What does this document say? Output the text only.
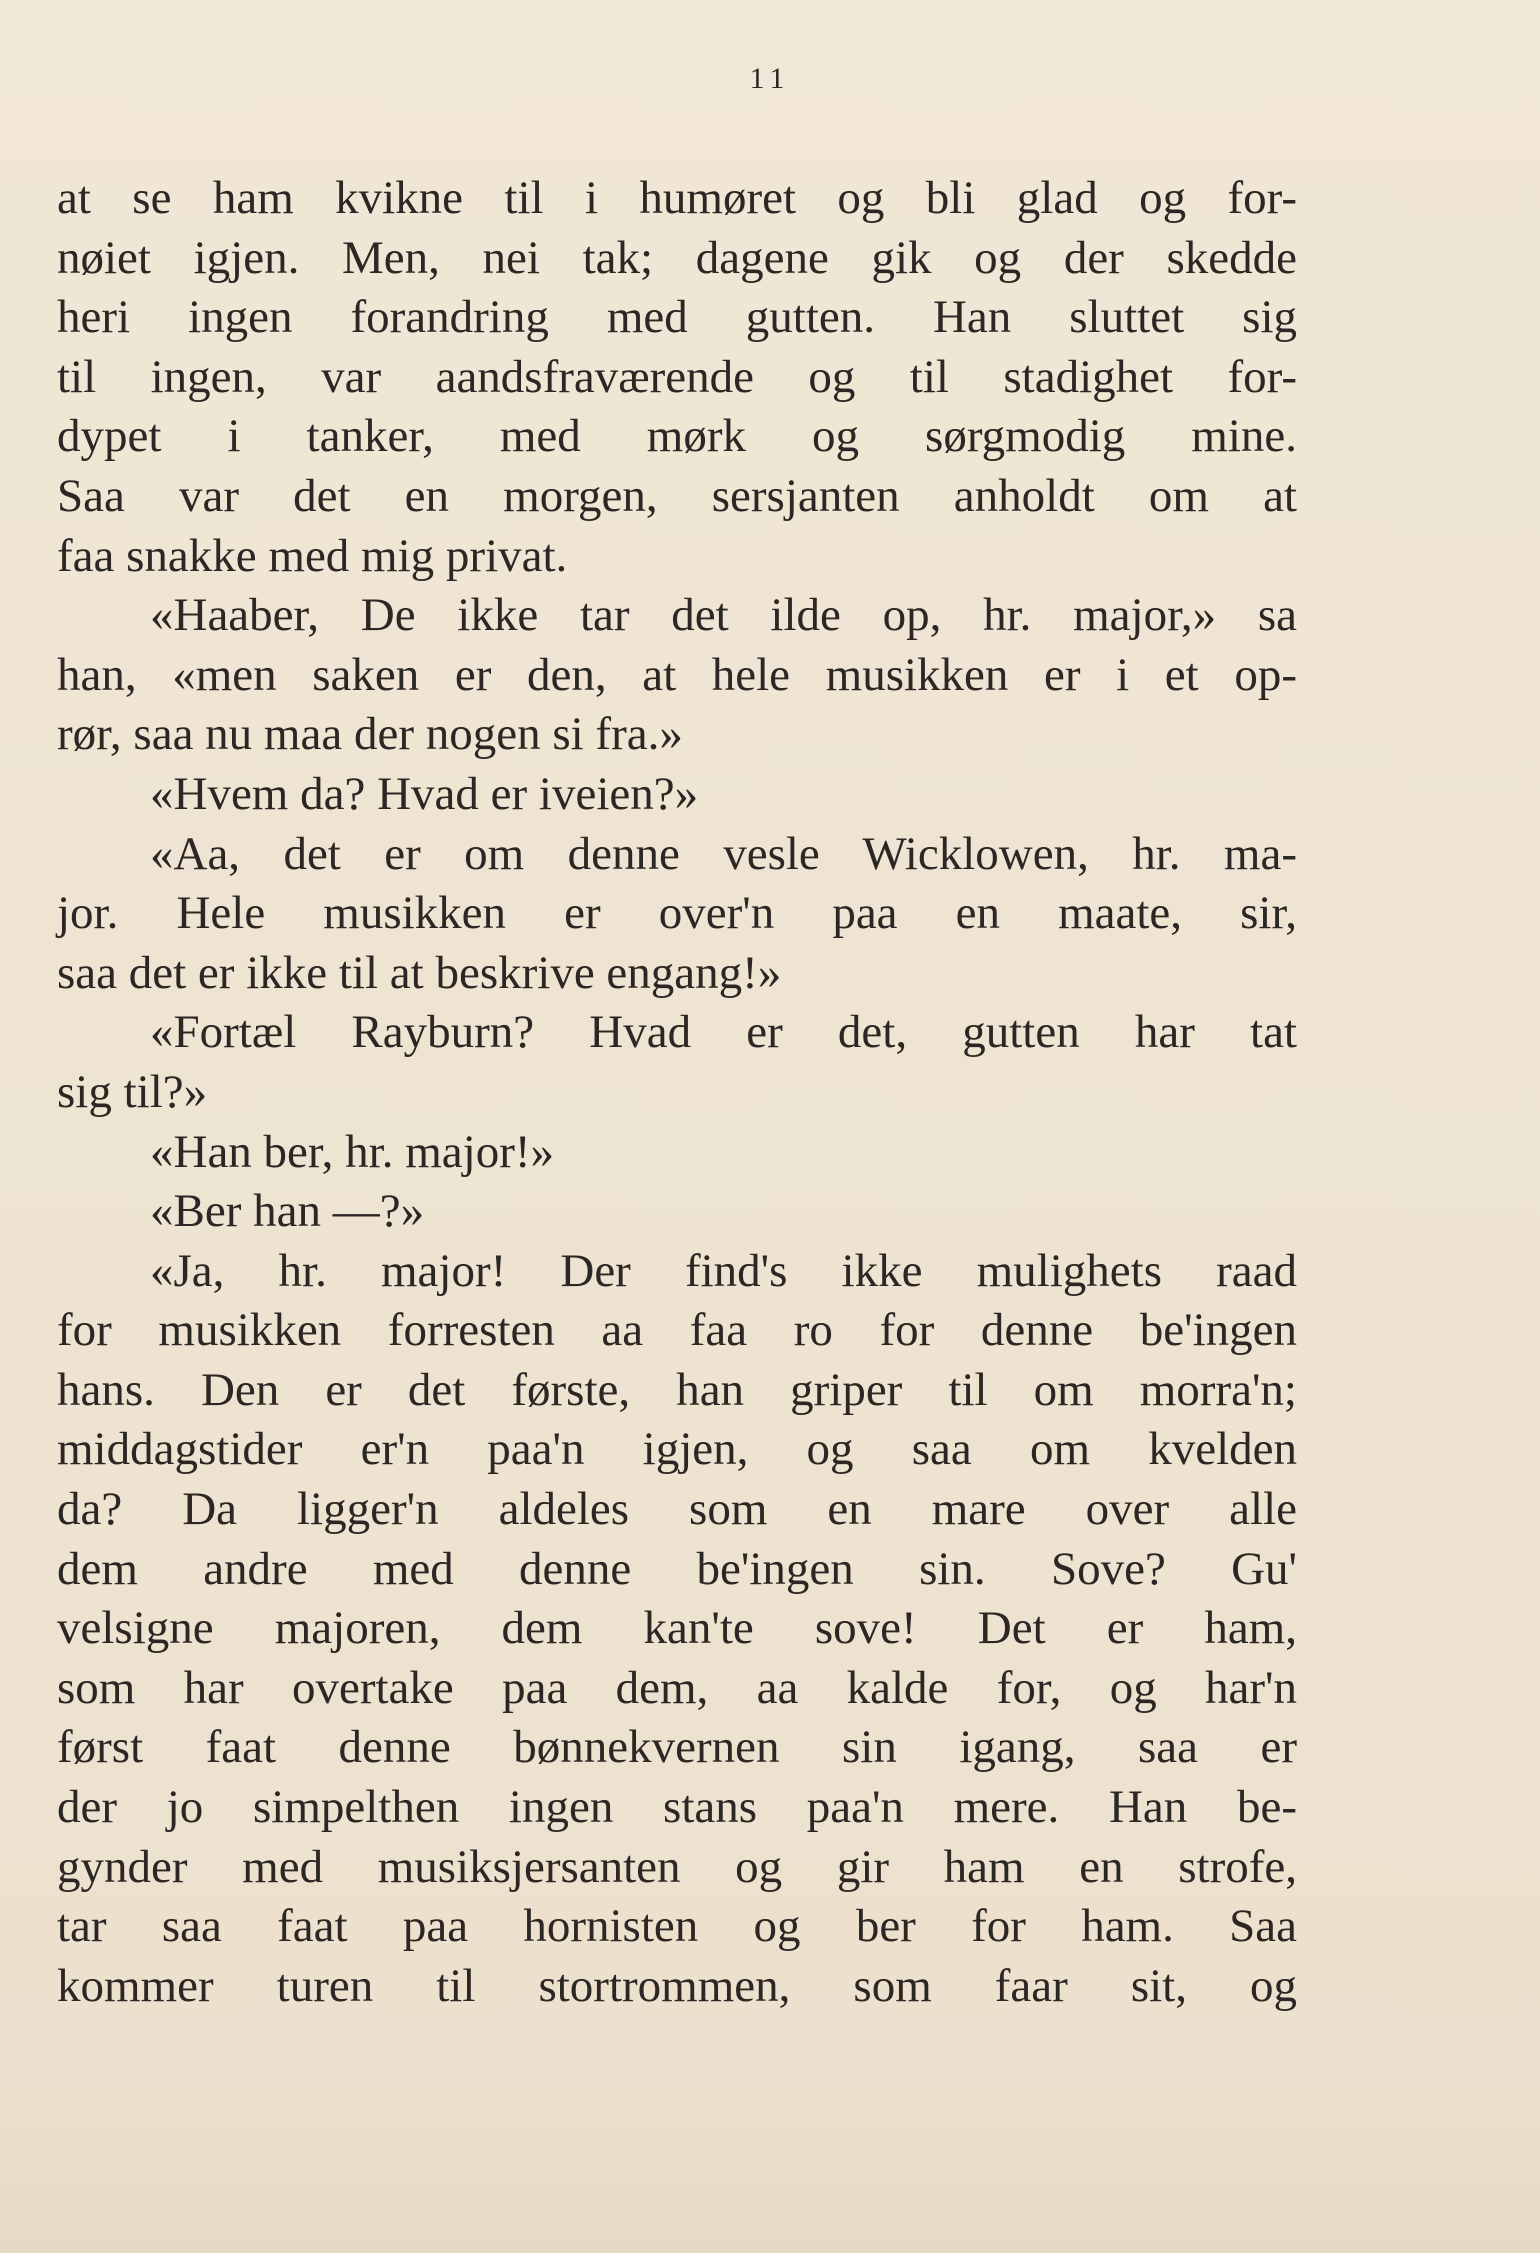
11
at se ham kvikne til i humøret og bli glad og for-
nøiet igjen. Men, nei tak; dagene gik og der skedde
heri ingen forandring med gutten. Han sluttet sig
til ingen, var aandsfraværende og til stadighet for-
dypet i tanker, med mørk og sørgmodig mine.
Saa var det en morgen, sersjanten anholdt om at
faa snakke med mig privat.
«Haaber, De ikke tar det ilde op, hr. major,» sa
han, «men saken er den, at hele musikken er i et op-
rør, saa nu maa der nogen si fra.»
«Hvem da? Hvad er iveien?»
«Aa, det er om denne vesle Wicklowen, hr. ma-
jor. Hele musikken er over'n paa en maate, sir,
saa det er ikke til at beskrive engang!»
«Fortæl Rayburn? Hvad er det, gutten har tat
sig til?»
«Han ber, hr. major!»
«Ber han —?»
«Ja, hr. major! Der find's ikke mulighets raad
for musikken forresten aa faa ro for denne be'ingen
hans. Den er det første, han griper til om morra'n;
middagstider er'n paa'n igjen, og saa om kvelden
da? Da ligger'n aldeles som en mare over alle
dem andre med denne be'ingen sin. Sove? Gu'
velsigne majoren, dem kan'te sove! Det er ham,
som har overtake paa dem, aa kalde for, og har'n
først faat denne bønnekvernen sin igang, saa er
der jo simpelthen ingen stans paa'n mere. Han be-
gynder med musiksjersanten og gir ham en strofe,
tar saa faat paa hornisten og ber for ham. Saa
kommer turen til stortrommen, som faar sit, og
